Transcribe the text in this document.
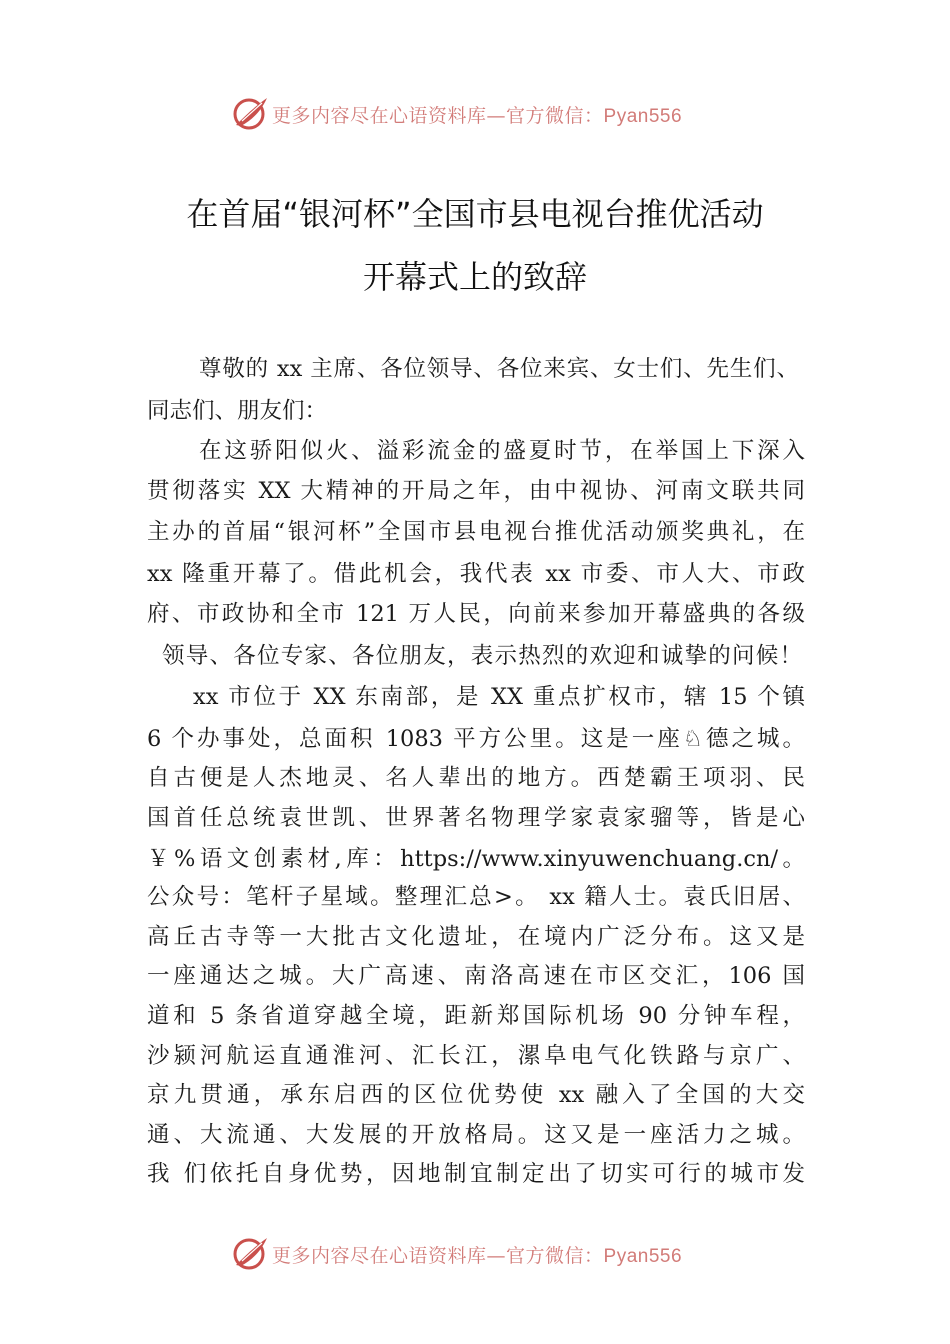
更多内容尽在心语资料库—官方微信：Pyan556
在首届“银河杯”全国市县电视台推优活动
开幕式上的致辞
尊敬的 xx 主席、各位领导、各位来宾、女士们、先生们、
同志们、朋友们：
在这骄阳似火、溢彩流金的盛夏时节，在举国上下深入
贯彻落实 XX 大精神的开局之年，由中视协、河南文联共同
主办的首届“银河杯”全国市县电视台推优活动颁奖典礼，在
xx 隆重开幕了。借此机会，我代表 xx 市委、市人大、市政
府、市政协和全市 121 万人民，向前来参加开幕盛典的各级
领导、各位专家、各位朋友，表示热烈的欢迎和诚挚的问候！
xx 市位于 XX 东南部，是 XX 重点扩权市，辖 15 个镇
6 个办事处，总面积 1083 平方公里。这是一座♘德之城。
自古便是人杰地灵、名人辈出的地方。西楚霸王项羽、民
国首任总统袁世凯、世界著名物理学家袁家骝等，皆是心
￥%语文创素材,库：https://www.xinyuwenchuang.cn/。
公众号：笔杆子星域。整理汇总>。 xx 籍人士。袁氏旧居、
高丘古寺等一大批古文化遗址，在境内广泛分布。这又是
一座通达之城。大广高速、南洛高速在市区交汇，106 国
道和 5 条省道穿越全境，距新郑国际机场 90 分钟车程，
沙颍河航运直通淮河、汇长江，漯阜电气化铁路与京广、
京九贯通，承东启西的区位优势使 xx 融入了全国的大交
通、大流通、大发展的开放格局。这又是一座活力之城。
我 们依托自身优势，因地制宜制定出了切实可行的城市发
更多内容尽在心语资料库—官方微信：Pyan556
